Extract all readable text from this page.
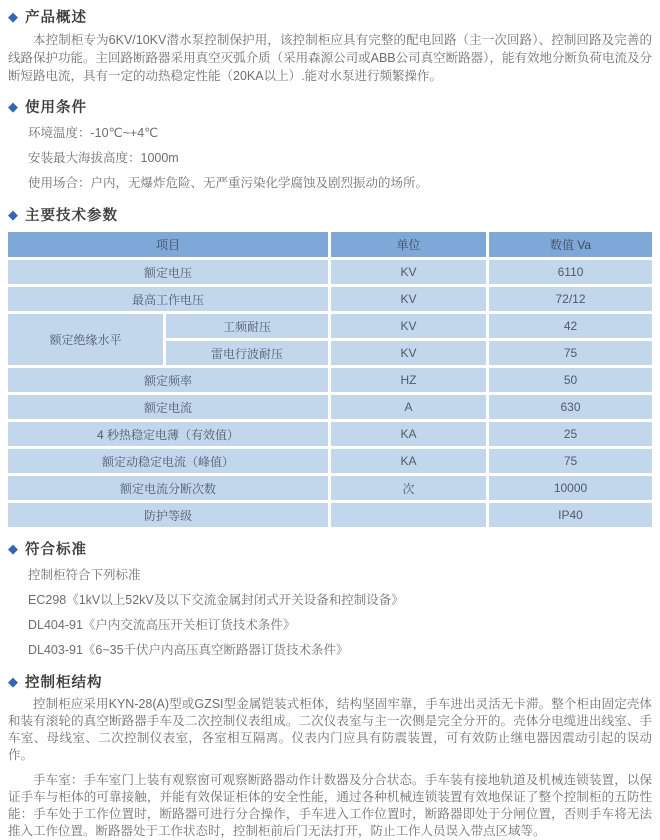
◆ 产品概述

本控制柜专为6KV/10KV潜水泵控制保护用，该控制柜应具有完整的配电回路（主一次回路）、控制回路及完善的线路保护功能。主回路断路器采用真空灭弧介质（采用森源公司或ABB公司真空断路器），能有效地分断负荷电流及分断短路电流，具有一定的动热稳定性能（20KA以上）.能对水泵进行频繁操作。

◆ 使用条件
环境温度：-10℃~+4℃
安装最大海拔高度：1000m
使用场合：户内，无爆炸危险、无严重污染化学腐蚀及剧烈振动的场所。
◆ 主要技术参数
项目		单位	数值 Va
额定电压		KV	6110
最高工作电压		KV	72/12
额定绝缘水平	工频耐压	KV	42
	雷电行波耐压	KV	75
额定频率		HZ	50
额定电流		A	630
4 秒热稳定电薄（有效值）		KA	25
额定动稳定电流（峰值）		KA	75
额定电流分断次数		次	10000
防护等级			IP40
◆ 符合标准
控制柜符合下列标准
EC298《1kV以上52kV及以下交流金属封闭式开关设备和控制设备》
DL404-91《户内交流高压开关柜订货技术条件》
DL403-91《6~35千伏户内高压真空断路器订货技术条件》
◆ 控制柜结构

控制柜应采用KYN-28(A)型或GZSI型金属铠装式柜体，结构坚固牢靠，手车进出灵活无卡滞。整个柜由固定壳体和装有滚轮的真空断路器手车及二次控制仪表组成。二次仪表室与主一次侧是完全分开的。壳体分电缆进出线室、手车室、母线室、二次控制仪表室，各室相互隔离。仪表内门应具有防震装置，可有效防止继电器因震动引起的误动作。

手车室：手车室门上装有观察窗可观察断路器动作计数器及分合状态。手车装有接地轨道及机械连锁装置，以保证手车与柜体的可靠接触，并能有效保证柜体的安全性能，通过各种机械连锁装置有效地保证了整个控制柜的五防性能：手车处于工作位置时，断路器可进行分合操作，手车进入工作位置时，断路器即处于分闸位置，否则手车将无法推入工作位置。断路器处于工作状态时，控制柜前后门无法打开，防止工作人员误入带点区域等。
